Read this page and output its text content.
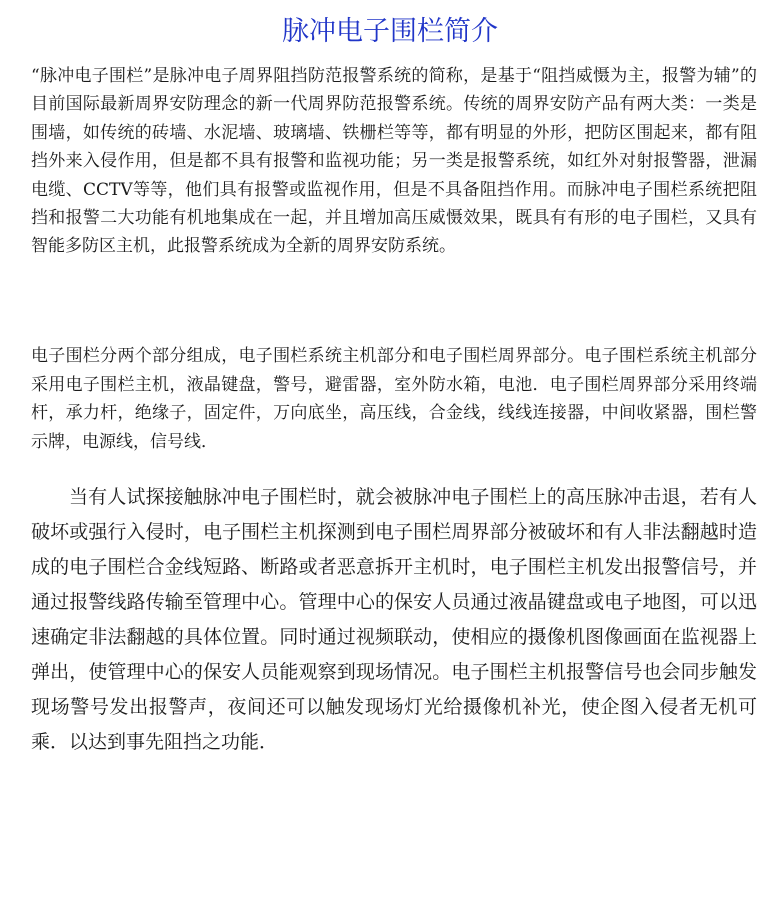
脉冲电子围栏简介

“脉冲电子围栏”是脉冲电子周界阻挡防范报警系统的简称，是基于“阻挡威慑为主，报警为辅”的目前国际最新周界安防理念的新一代周界防范报警系统。传统的周界安防产品有两大类：一类是围墙，如传统的砖墙、水泥墙、玻璃墙、铁栅栏等等，都有明显的外形，把防区围起来，都有阻挡外来入侵作用，但是都不具有报警和监视功能；另一类是报警系统，如红外对射报警器，泄漏电缆、CCTV等等，他们具有报警或监视作用，但是不具备阻挡作用。而脉冲电子围栏系统把阻挡和报警二大功能有机地集成在一起，并且增加高压威慑效果，既具有有形的电子围栏，又具有智能多防区主机，此报警系统成为全新的周界安防系统。

电子围栏分两个部分组成，电子围栏系统主机部分和电子围栏周界部分。电子围栏系统主机部分采用电子围栏主机，液晶键盘，警号，避雷器，室外防水箱，电池．电子围栏周界部分采用终端杆，承力杆，绝缘子，固定件，万向底坐，高压线，合金线，线线连接器，中间收紧器，围栏警示牌，电源线，信号线．

当有人试探接触脉冲电子围栏时，就会被脉冲电子围栏上的高压脉冲击退，若有人破坏或强行入侵时，电子围栏主机探测到电子围栏周界部分被破坏和有人非法翻越时造成的电子围栏合金线短路、断路或者恶意拆开主机时，电子围栏主机发出报警信号，并通过报警线路传输至管理中心。管理中心的保安人员通过液晶键盘或电子地图，可以迅速确定非法翻越的具体位置。同时通过视频联动，使相应的摄像机图像画面在监视器上弹出，使管理中心的保安人员能观察到现场情况。电子围栏主机报警信号也会同步触发现场警号发出报警声，夜间还可以触发现场灯光给摄像机补光，使企图入侵者无机可乘．以达到事先阻挡之功能．
